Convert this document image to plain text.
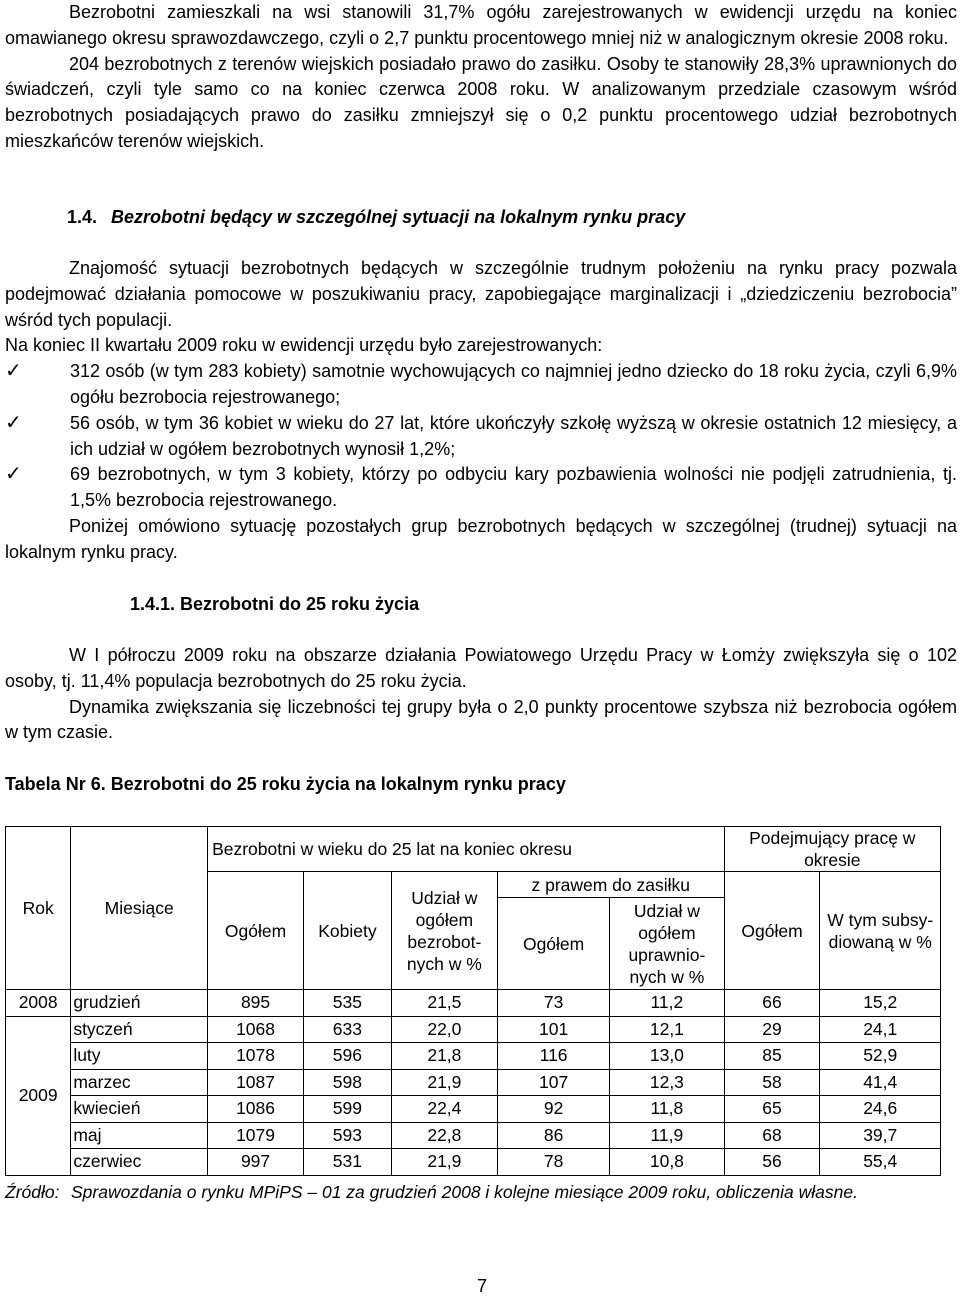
Bezrobotni zamieszkali na wsi stanowili 31,7% ogółu zarejestrowanych w ewidencji urzędu na koniec omawianego okresu sprawozdawczego, czyli o 2,7 punktu procentowego mniej niż w analogicznym okresie 2008 roku.

204 bezrobotnych z terenów wiejskich posiadało prawo do zasiłku. Osoby te stanowiły 28,3% uprawnionych do świadczeń, czyli tyle samo co na koniec czerwca 2008 roku. W analizowanym przedziale czasowym wśród bezrobotnych posiadających prawo do zasiłku zmniejszył się o 0,2 punktu procentowego udział bezrobotnych mieszkańców terenów wiejskich.

1.4. Bezrobotni będący w szczególnej sytuacji na lokalnym rynku pracy

Znajomość sytuacji bezrobotnych będących w szczególnie trudnym położeniu na rynku pracy pozwala podejmować działania pomocowe w poszukiwaniu pracy, zapobiegające marginalizacji i „dziedziczeniu bezrobocia” wśród tych populacji.

Na koniec II kwartału 2009 roku w ewidencji urzędu było zarejestrowanych:

✓	312 osób (w tym 283 kobiety) samotnie wychowujących co najmniej jedno dziecko do 18 roku życia, czyli 6,9% ogółu bezrobocia rejestrowanego;
✓	56 osób, w tym 36 kobiet w wieku do 27 lat, które ukończyły szkołę wyższą w okresie ostatnich 12 miesięcy, a ich udział w ogółem bezrobotnych wynosił 1,2%;
✓	69 bezrobotnych, w tym 3 kobiety, którzy po odbyciu kary pozbawienia wolności nie podjęli zatrudnienia, tj. 1,5% bezrobocia rejestrowanego.

Poniżej omówiono sytuację pozostałych grup bezrobotnych będących w szczególnej (trudnej) sytuacji na lokalnym rynku pracy.

1.4.1. Bezrobotni do 25 roku życia

W I półroczu 2009 roku na obszarze działania Powiatowego Urzędu Pracy w Łomży zwiększyła się o 102 osoby, tj. 11,4% populacja bezrobotnych do 25 roku życia.

Dynamika zwiększania się liczebności tej grupy była o 2,0 punkty procentowe szybsza niż bezrobocia ogółem w tym czasie.

Tabela Nr 6. Bezrobotni do 25 roku życia na lokalnym rynku pracy
Rok	Miesiące	Bezrobotni w wieku do 25 lat na koniec okresu					Podejmujący pracę w okresie	
		Ogółem	Kobiety	Udział w ogółem bezrobot-nych w %	z prawem do zasiłku		Ogółem	W tym subsy-diowaną w %
					Ogółem	Udział w ogółem uprawnio-nych w %		
2008	grudzień	895	535	21,5	73	11,2	66	15,2
2009	styczeń	1068	633	22,0	101	12,1	29	24,1
	luty	1078	596	21,8	116	13,0	85	52,9
	marzec	1087	598	21,9	107	12,3	58	41,4
	kwiecień	1086	599	22,4	92	11,8	65	24,6
	maj	1079	593	22,8	86	11,9	68	39,7
	czerwiec	997	531	21,9	78	10,8	56	55,4
Źródło: Sprawozdania o rynku MPiPS – 01 za grudzień 2008 i kolejne miesiące 2009 roku, obliczenia własne.
7
